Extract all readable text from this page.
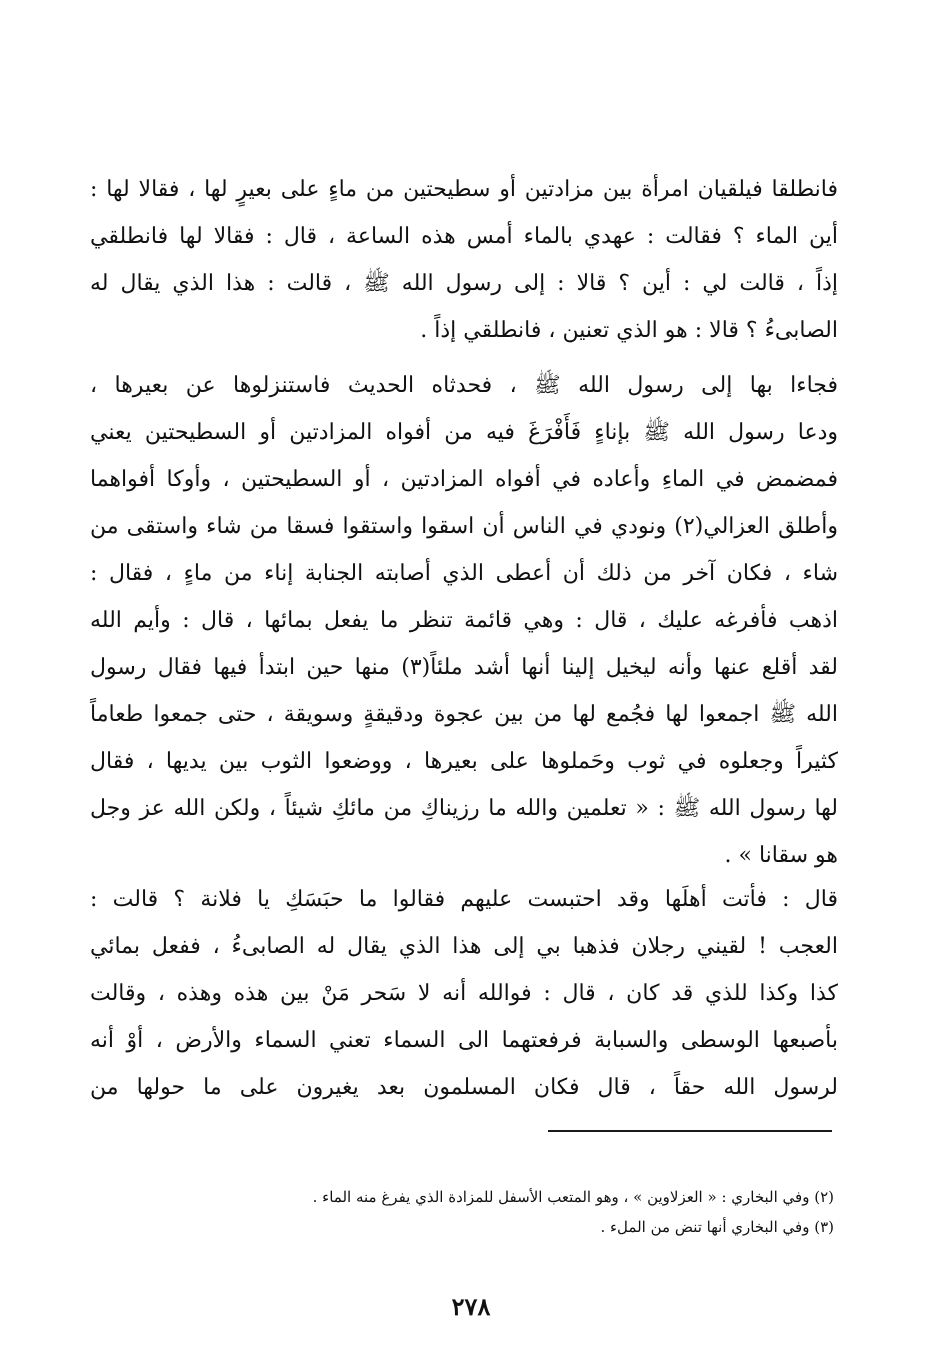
فانطلقا فيلقيان امرأة بين مزادتين أو سطيحتين من ماءٍ على بعيرٍ لها ، فقالا لها :
أين الماء ؟ فقالت : عهدي بالماء أمس هذه الساعة ، قال : فقالا لها فانطلقي
إذاً ، قالت لي : أين ؟ قالا : إلى رسول الله ﷺ ، قالت : هذا الذي يقال له
الصابىءُ ؟ قالا : هو الذي تعنين ، فانطلقي إذاً .
فجاءا بها إلى رسول الله ﷺ ، فحدثاه الحديث فاستنزلوها عن بعيرها ،
ودعا رسول الله ﷺ بإناءٍ فَأَفْرَغَ فيه من أفواه المزادتين أو السطيحتين يعني
فمضمض في الماءِ وأعاده في أفواه المزادتين ، أو السطيحتين ، وأوكا أفواهما
وأطلق العزالي(٢) ونودي في الناس أن اسقوا واستقوا فسقا من شاء واستقى من
شاء ، فكان آخر من ذلك أن أعطى الذي أصابته الجنابة إناء من ماءٍ ، فقال :
اذهب فأفرغه عليك ، قال : وهي قائمة تنظر ما يفعل بمائها ، قال : وأيم الله
لقد أقلع عنها وأنه ليخيل إلينا أنها أشد ملئاً(٣) منها حين ابتدأ فيها فقال رسول
الله ﷺ اجمعوا لها فجُمع لها من بين عجوة ودقيقةٍ وسويقة ، حتى جمعوا طعاماً
كثيراً وجعلوه في ثوب وحَملوها على بعيرها ، ووضعوا الثوب بين يديها ، فقال
لها رسول الله ﷺ : « تعلمين والله ما رزيناكِ من مائكِ شيئاً ، ولكن الله عز وجل
هو سقانا » .
قال : فأتت أهلَها وقد احتبست عليهم فقالوا ما حبَسَكِ يا فلانة ؟ قالت :
العجب ! لقيني رجلان فذهبا بي إلى هذا الذي يقال له الصابىءُ ، ففعل بمائي
كذا وكذا للذي قد كان ، قال : فوالله أنه لا سَحر مَنْ بين هذه وهذه ، وقالت
بأصبعها الوسطى والسبابة فرفعتهما الى السماء تعني السماء والأرض ، أوْ أنه
لرسول الله حقاً ، قال فكان المسلمون بعد يغيرون على ما حولها من
(٢) وفي البخاري : « العزلاوين » ، وهو المتعب الأسفل للمزادة الذي يفرغ منه الماء .
(٣) وفي البخاري أنها تنض من الملء .
٢٧٨
